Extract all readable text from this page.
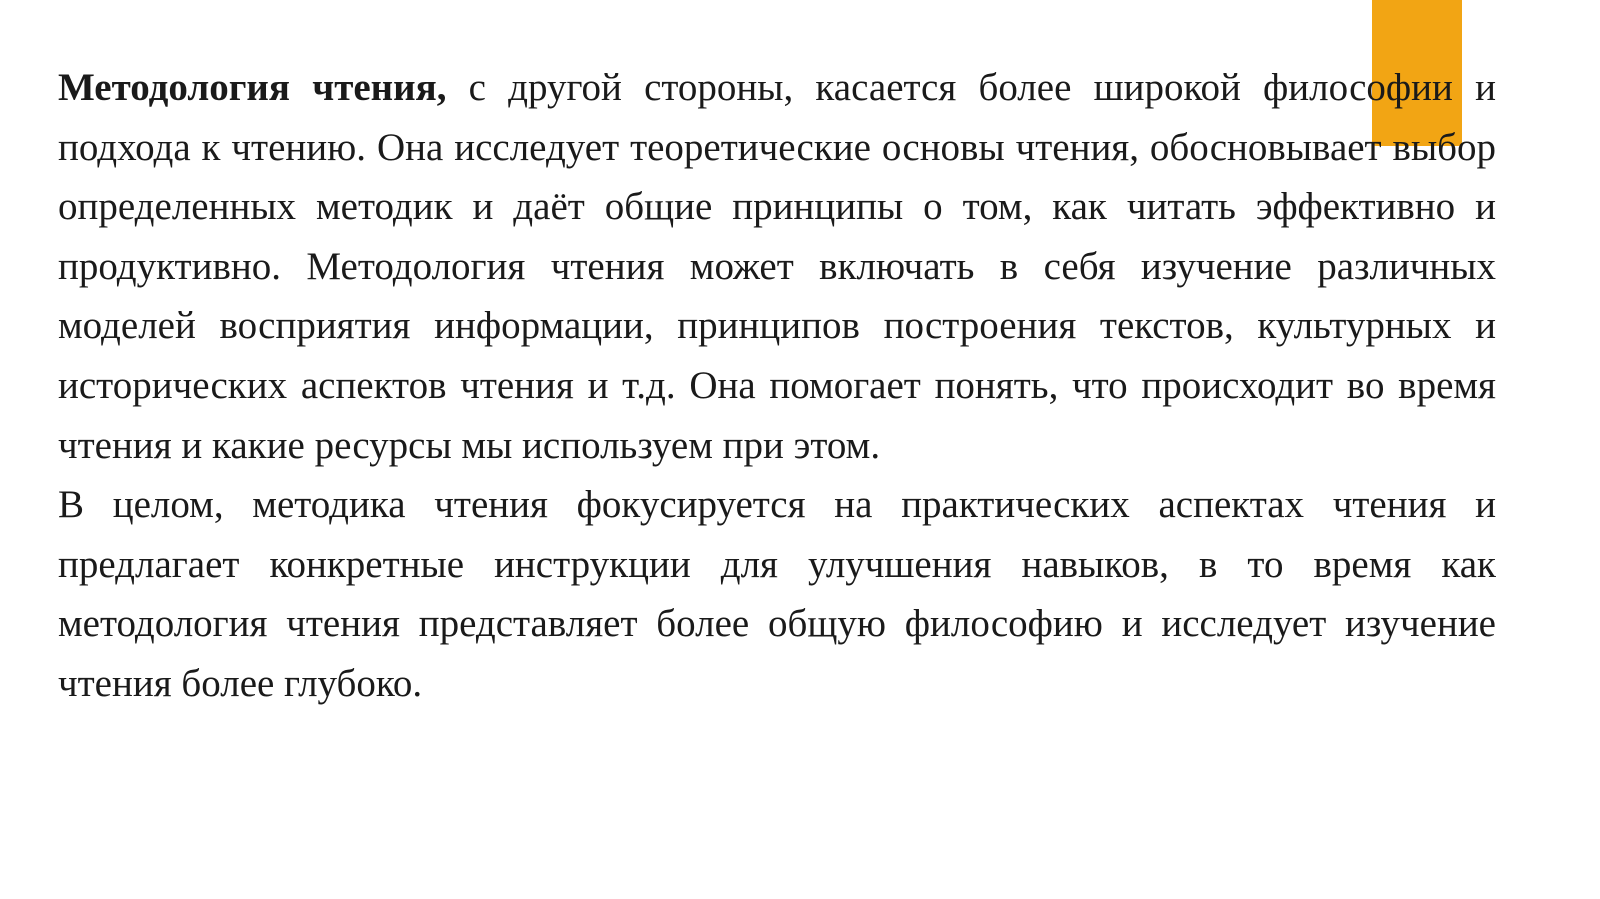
Методология чтения, с другой стороны, касается более широкой философии и подхода к чтению. Она исследует теоретические основы чтения, обосновывает выбор определенных методик и даёт общие принципы о том, как читать эффективно и продуктивно. Методология чтения может включать в себя изучение различных моделей восприятия информации, принципов построения текстов, культурных и исторических аспектов чтения и т.д. Она помогает понять, что происходит во время чтения и какие ресурсы мы используем при этом.

В целом, методика чтения фокусируется на практических аспектах чтения и предлагает конкретные инструкции для улучшения навыков, в то время как методология чтения представляет более общую философию и исследует изучение чтения более глубоко.
